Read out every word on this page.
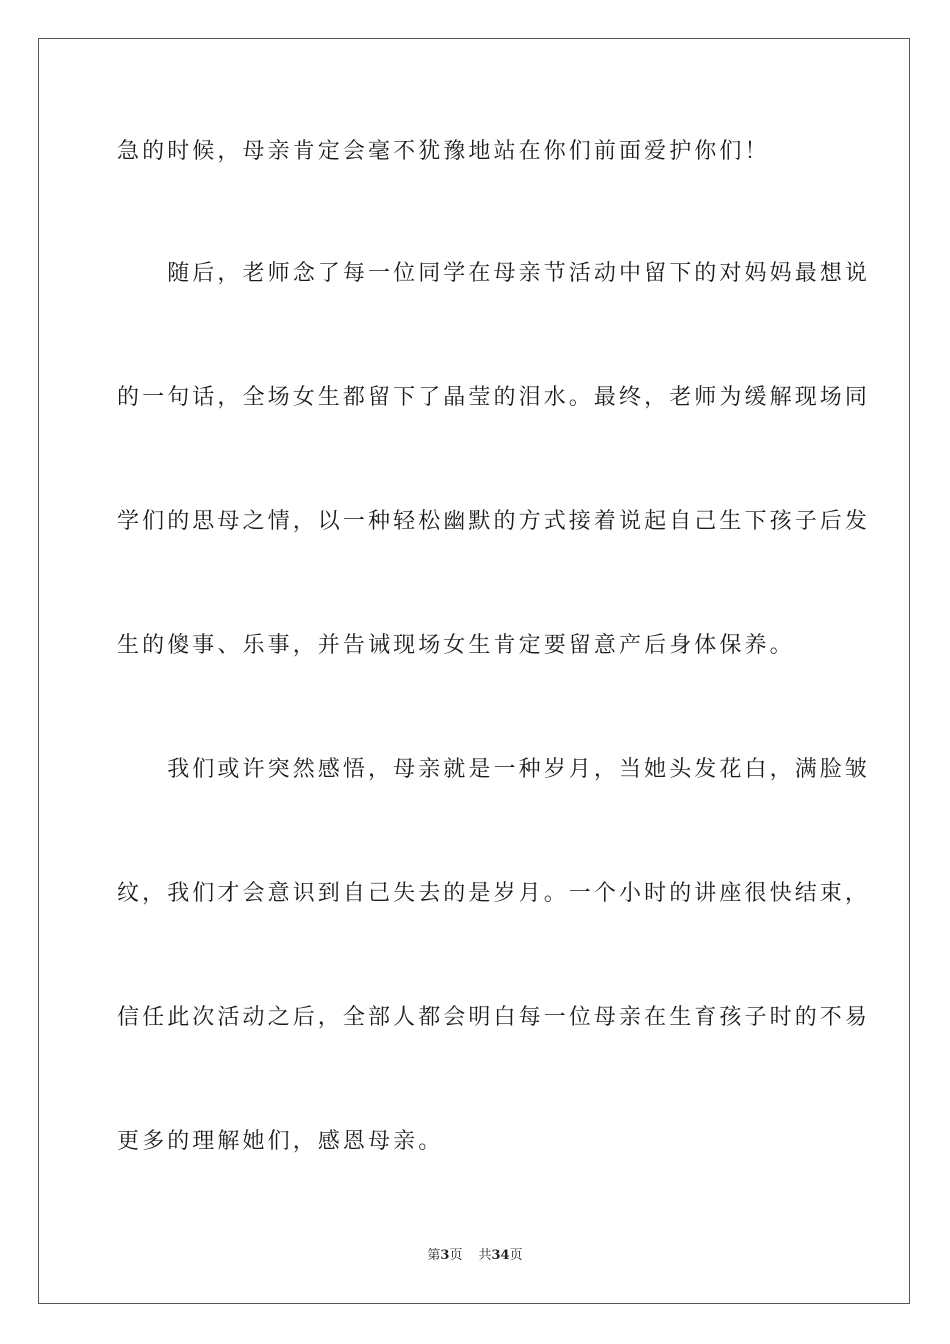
急的时候，母亲肯定会毫不犹豫地站在你们前面爱护你们！
　　随后，老师念了每一位同学在母亲节活动中留下的对妈妈最想说
的一句话，全场女生都留下了晶莹的泪水。最终，老师为缓解现场同
学们的思母之情，以一种轻松幽默的方式接着说起自己生下孩子后发
生的傻事、乐事，并告诫现场女生肯定要留意产后身体保养。
　　我们或许突然感悟，母亲就是一种岁月，当她头发花白，满脸皱
纹，我们才会意识到自己失去的是岁月。一个小时的讲座很快结束，
信任此次活动之后，全部人都会明白每一位母亲在生育孩子时的不易
更多的理解她们，感恩母亲。
第3页 共34页
